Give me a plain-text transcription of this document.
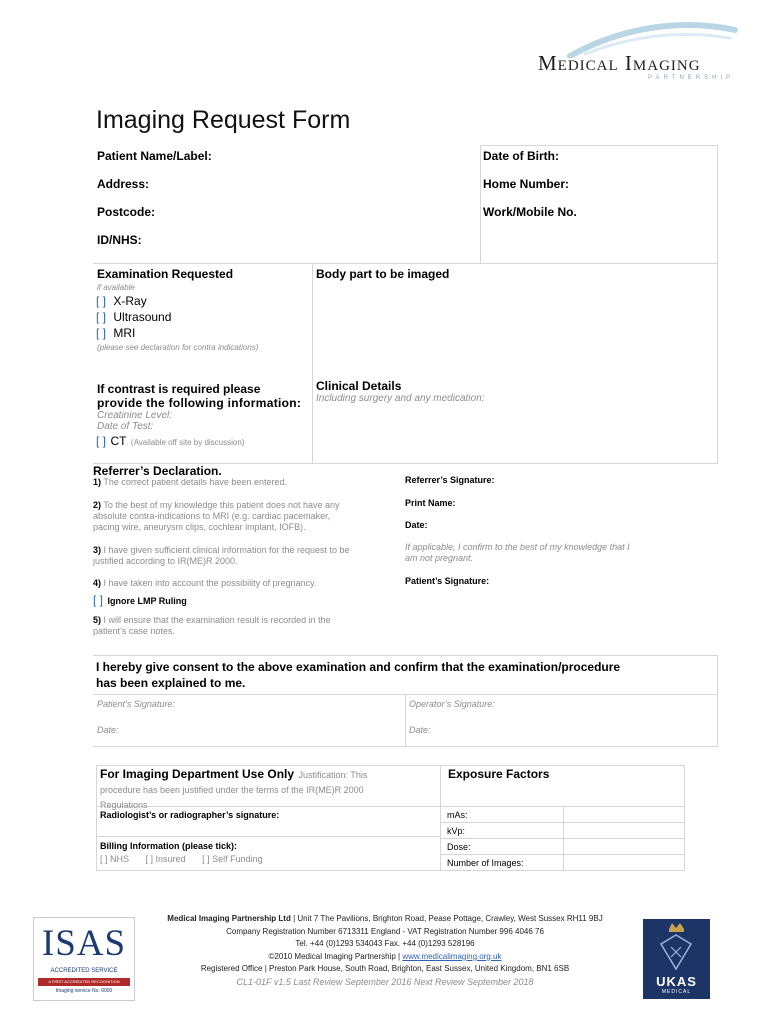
Medical Imaging
PARTNERSHIP
Imaging Request Form
Patient Name/Label:	Date of Birth:
Address:	Home Number:
Postcode:	Work/Mobile No.
ID/NHS:
Examination Requested
if available
[ ] X-Ray
[ ] Ultrasound
[ ] MRI
(please see declaration for contra indications)
Body part to be imaged
If contrast is required please
provide the following information:
Creatinine Level:
Date of Test:
[ ] CT (Available off site by discussion)
Clinical Details
Including surgery and any medication:
Referrer’s Declaration.
1) The correct patient details have been entered.
2) To the best of my knowledge this patient does not have any
absolute contra-indications to MRI (e.g. cardiac pacemaker,
pacing wire, aneurysm clips, cochlear implant, IOFB).
3) I have given sufficient clinical information for the request to be
justified according to IR(ME)R 2000.
4) I have taken into account the possibility of pregnancy.
[ ] Ignore LMP Ruling
5) I will ensure that the examination result is recorded in the
patient’s case notes.
Referrer’s Signature:
Print Name:
Date:
If applicable, I confirm to the best of my knowledge that I
am not pregnant.
Patient’s Signature:
I hereby give consent to the above examination and confirm that the examination/procedure
has been explained to me.
Patient’s Signature:	Operator’s Signature:
Date:	Date:
For Imaging Department Use Only Justification: This
procedure has been justified under the terms of the IR(ME)R 2000
Regulations
Radiologist’s or radiographer’s signature:
Billing Information (please tick):
[ ] NHS [ ] Insured [ ] Self Funding
Exposure Factors
mAs:
kVp:
Dose:
Number of Images:
Medical Imaging Partnership Ltd | Unit 7 The Pavilions, Brighton Road, Pease Pottage, Crawley, West Sussex RH11 9BJ
Company Registration Number 6713311 England - VAT Registration Number 996 4046 76
Tel. +44 (0)1293 534043 Fax. +44 (0)1293 528196
©2010 Medical Imaging Partnership | www.medicalimaging.org.uk
Registered Office | Preston Park House, South Road, Brighton, East Sussex, United Kingdom, BN1 6SB
CL1-01F v1.5 Last Review September 2016 Next Review September 2018
ISAS
ACCREDITED SERVICE
A FIRST ACCREDITED RECOGNITION
Imaging service No. 0000
UKAS
MEDICAL
